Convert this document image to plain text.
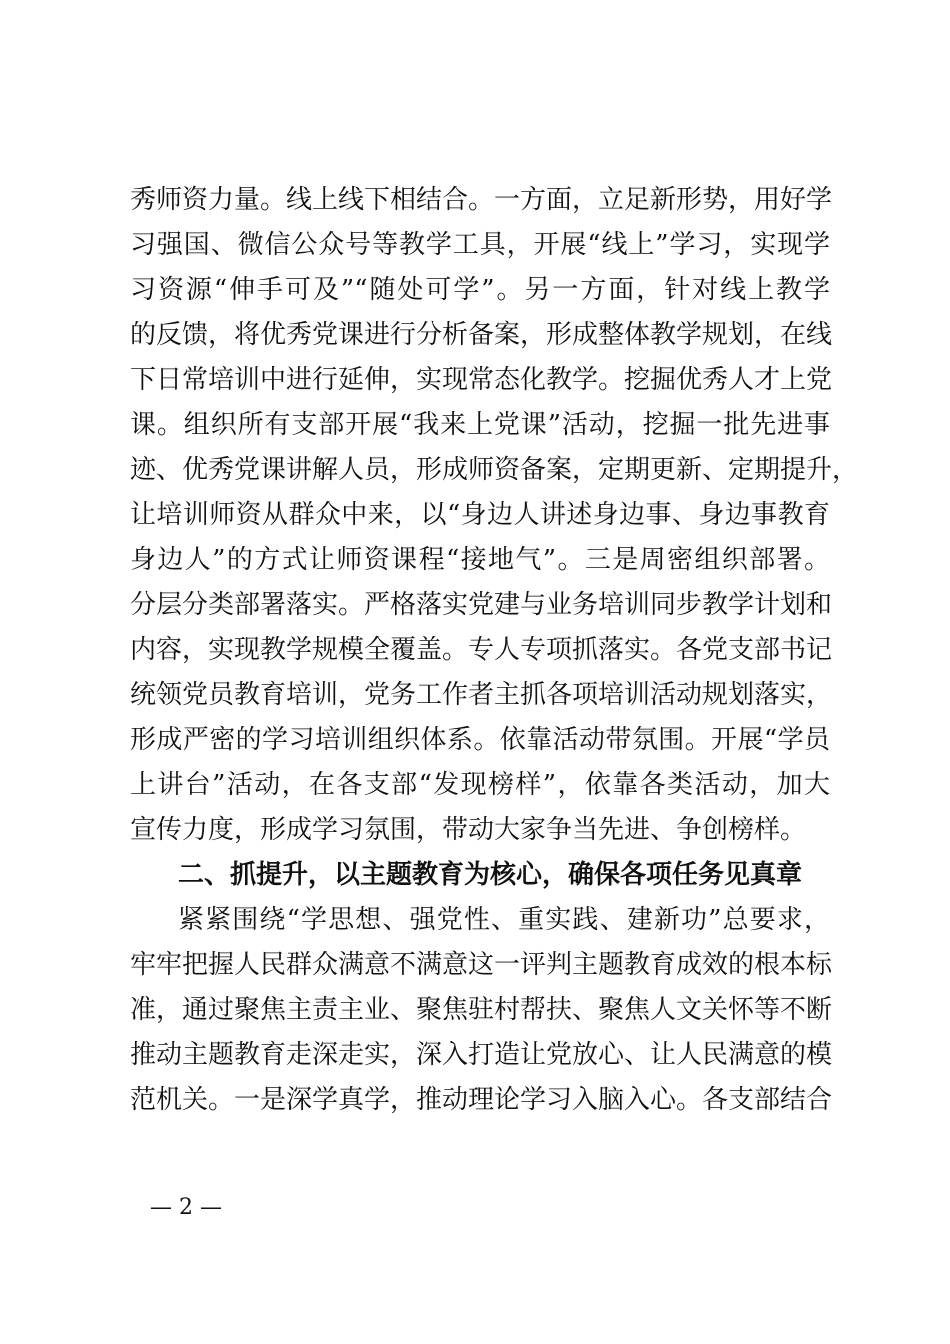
秀师资力量。线上线下相结合。一方面，立足新形势，用好学
习强国、微信公众号等教学工具，开展“线上”学习，实现学
习资源“伸手可及”“随处可学”。另一方面，针对线上教学
的反馈，将优秀党课进行分析备案，形成整体教学规划，在线
下日常培训中进行延伸，实现常态化教学。挖掘优秀人才上党
课。组织所有支部开展“我来上党课”活动，挖掘一批先进事
迹、优秀党课讲解人员，形成师资备案，定期更新、定期提升，
让培训师资从群众中来，以“身边人讲述身边事、身边事教育
身边人”的方式让师资课程“接地气”。三是周密组织部署。
分层分类部署落实。严格落实党建与业务培训同步教学计划和
内容，实现教学规模全覆盖。专人专项抓落实。各党支部书记
统领党员教育培训，党务工作者主抓各项培训活动规划落实，
形成严密的学习培训组织体系。依靠活动带氛围。开展“学员
上讲台”活动，在各支部“发现榜样”，依靠各类活动，加大
宣传力度，形成学习氛围，带动大家争当先进、争创榜样。
二、抓提升，以主题教育为核心，确保各项任务见真章
紧紧围绕“学思想、强党性、重实践、建新功”总要求，
牢牢把握人民群众满意不满意这一评判主题教育成效的根本标
准，通过聚焦主责主业、聚焦驻村帮扶、聚焦人文关怀等不断
推动主题教育走深走实，深入打造让党放心、让人民满意的模
范机关。一是深学真学，推动理论学习入脑入心。各支部结合
— 2 —
